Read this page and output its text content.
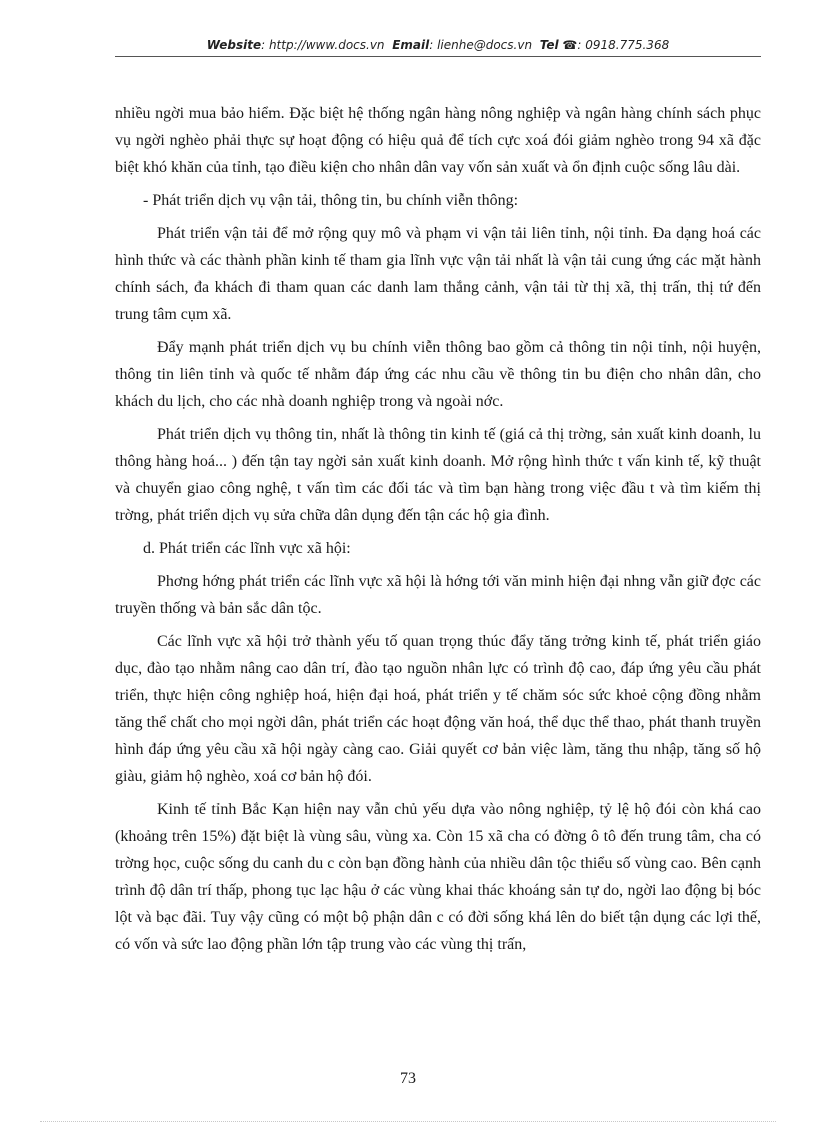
Website: http://www.docs.vn Email: lienhe@docs.vn Tel ☎: 0918.775.368

nhiều ngời mua bảo hiểm. Đặc biệt hệ thống ngân hàng nông nghiệp và ngân hàng chính sách phục vụ ngời nghèo phải thực sự hoạt động có hiệu quả để tích cực xoá đói giảm nghèo trong 94 xã đặc biệt khó khăn của tỉnh, tạo điều kiện cho nhân dân vay vốn sản xuất và ổn định cuộc sống lâu dài.

- Phát triển dịch vụ vận tải, thông tin, bu chính viễn thông:

Phát triển vận tải để mở rộng quy mô và phạm vi vận tải liên tỉnh, nội tỉnh. Đa dạng hoá các hình thức và các thành phần kinh tế tham gia lĩnh vực vận tải nhất là vận tải cung ứng các mặt hành chính sách, đa khách đi tham quan các danh lam thắng cảnh, vận tải từ thị xã, thị trấn, thị tứ đến trung tâm cụm xã.

Đẩy mạnh phát triển dịch vụ bu chính viễn thông bao gồm cả thông tin nội tỉnh, nội huyện, thông tin liên tỉnh và quốc tế nhằm đáp ứng các nhu cầu về thông tin bu điện cho nhân dân, cho khách du lịch, cho các nhà doanh nghiệp trong và ngoài nớc.

Phát triển dịch vụ thông tin, nhất là thông tin kinh tế (giá cả thị trờng, sản xuất kinh doanh, lu thông hàng hoá... ) đến tận tay ngời sản xuất kinh doanh. Mở rộng hình thức t vấn kinh tế, kỹ thuật và chuyển giao công nghệ, t vấn tìm các đối tác và tìm bạn hàng trong việc đầu t và tìm kiếm thị trờng, phát triển dịch vụ sửa chữa dân dụng đến tận các hộ gia đình.

d. Phát triển các lĩnh vực xã hội:

Phơng hớng phát triển các lĩnh vực xã hội là hớng tới văn minh hiện đại nhng vẫn giữ đợc các truyền thống và bản sắc dân tộc.

Các lĩnh vực xã hội trở thành yếu tố quan trọng thúc đẩy tăng trởng kinh tế, phát triển giáo dục, đào tạo nhằm nâng cao dân trí, đào tạo nguồn nhân lực có trình độ cao, đáp ứng yêu cầu phát triển, thực hiện công nghiệp hoá, hiện đại hoá, phát triển y tế chăm sóc sức khoẻ cộng đồng nhằm tăng thể chất cho mọi ngời dân, phát triển các hoạt động văn hoá, thể dục thể thao, phát thanh truyền hình đáp ứng yêu cầu xã hội ngày càng cao. Giải quyết cơ bản việc làm, tăng thu nhập, tăng số hộ giàu, giảm hộ nghèo, xoá cơ bản hộ đói.

Kinh tế tỉnh Bắc Kạn hiện nay vẫn chủ yếu dựa vào nông nghiệp, tỷ lệ hộ đói còn khá cao (khoảng trên 15%) đặt biệt là vùng sâu, vùng xa. Còn 15 xã cha có đờng ô tô đến trung tâm, cha có trờng học, cuộc sống du canh du c còn bạn đồng hành của nhiều dân tộc thiểu số vùng cao. Bên cạnh trình độ dân trí thấp, phong tục lạc hậu ở các vùng khai thác khoáng sản tự do, ngời lao động bị bóc lột và bạc đãi. Tuy vậy cũng có một bộ phận dân c có đời sống khá lên do biết tận dụng các lợi thế, có vốn và sức lao động phần lớn tập trung vào các vùng thị trấn,

73
